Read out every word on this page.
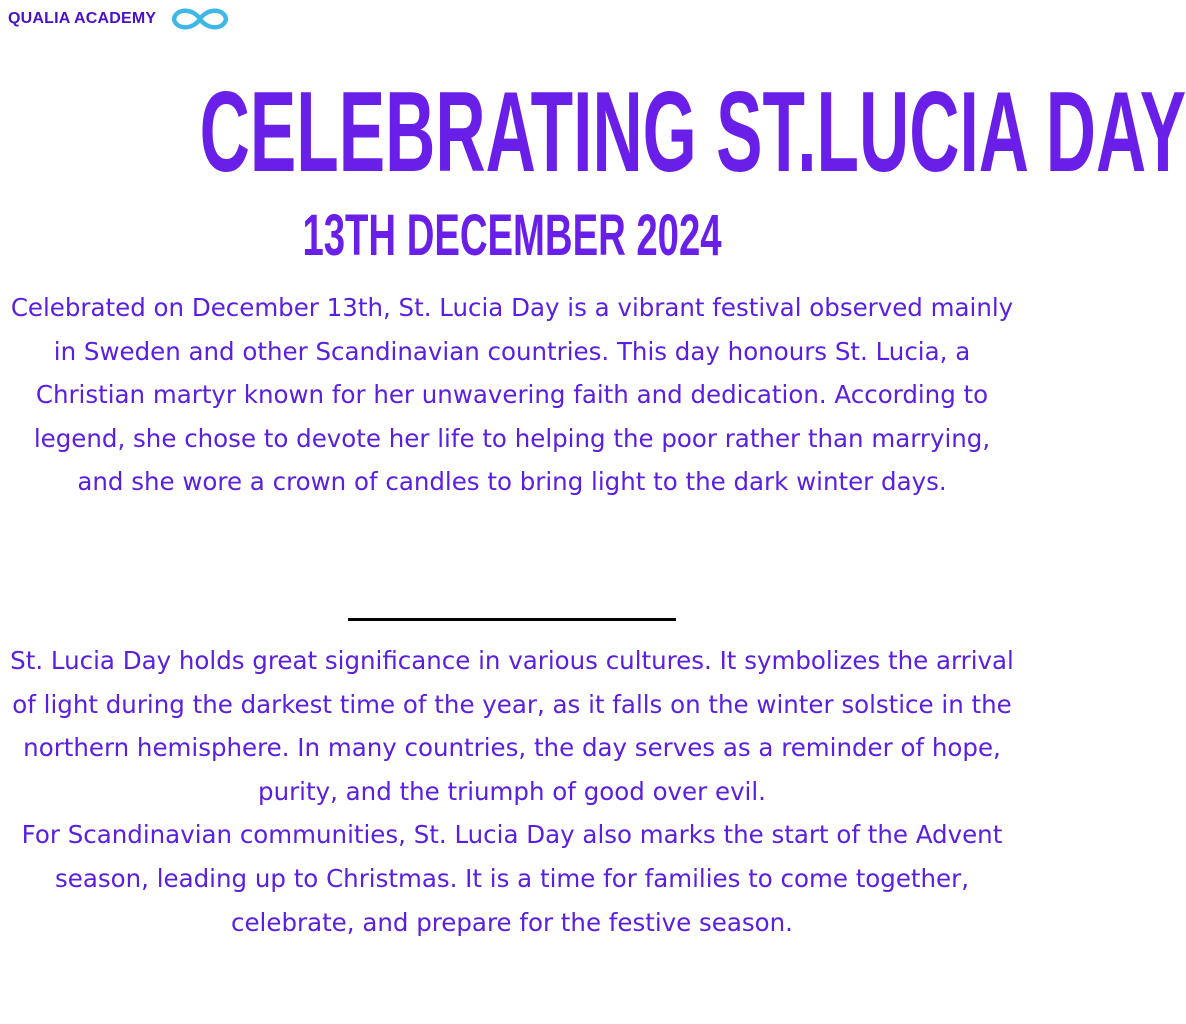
QUALIA ACADEMY
CELEBRATING ST.LUCIA DAY
13TH DECEMBER 2024

Celebrated on December 13th, St. Lucia Day is a vibrant festival observed mainly in Sweden and other Scandinavian countries. This day honours St. Lucia, a Christian martyr known for her unwavering faith and dedication. According to legend, she chose to devote her life to helping the poor rather than marrying, and she wore a crown of candles to bring light to the dark winter days.

St. Lucia Day holds great significance in various cultures. It symbolizes the arrival of light during the darkest time of the year, as it falls on the winter solstice in the northern hemisphere. In many countries, the day serves as a reminder of hope, purity, and the triumph of good over evil.
For Scandinavian communities, St. Lucia Day also marks the start of the Advent season, leading up to Christmas. It is a time for families to come together, celebrate, and prepare for the festive season.
